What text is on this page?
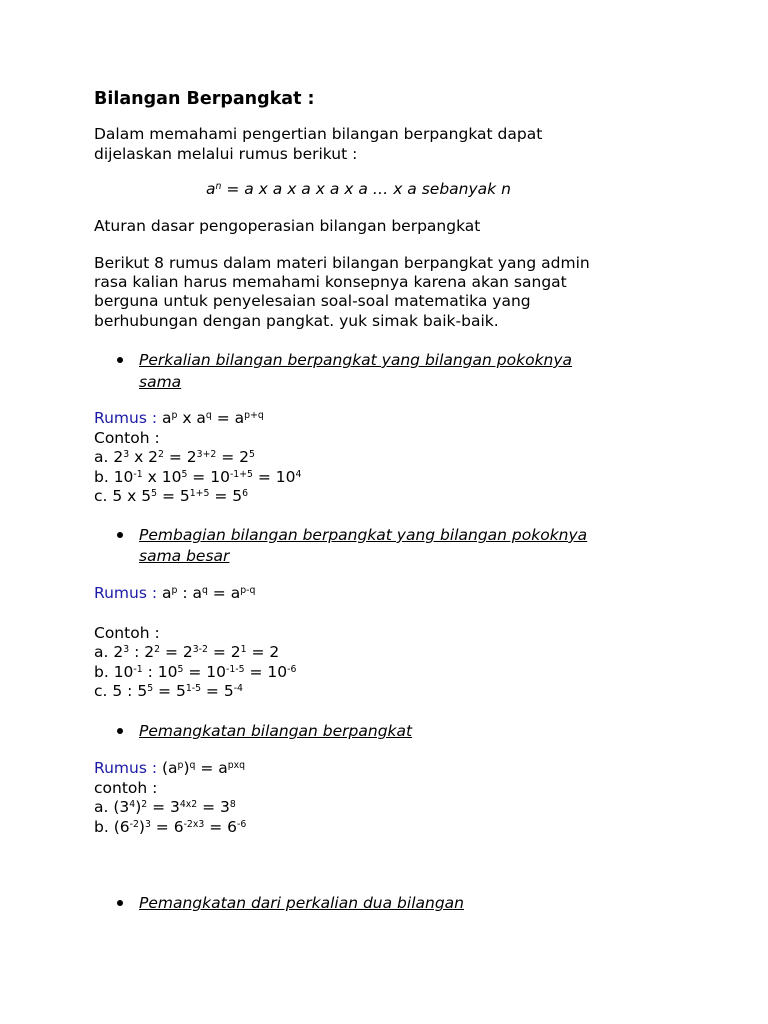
Bilangan Berpangkat :
Dalam memahami pengertian bilangan berpangkat dapat
dijelaskan melalui rumus berikut :
$a^n = a$ x a x a x a x a … x a sebanyak n
Aturan dasar pengoperasian bilangan berpangkat
Berikut 8 rumus dalam materi bilangan berpangkat yang admin
rasa kalian harus memahami konsepnya karena akan sangat
berguna untuk penyelesaian soal-soal matematika yang
berhubungan dengan pangkat. yuk simak baik-baik.
Perkalian bilangan berpangkat yang bilangan pokoknya
sama
Rumus : $a^p$ x $a^q = a^{p+q}$
Contoh :
a. $2^3$ x $2^2 = 2^{3+2} = 2^5$
b. $10^{-1}$ x $10^5 = 10^{-1+5} = 10^4$
c. 5 x $5^5 = 5^{1+5} = 5^6$
Pembagian bilangan berpangkat yang bilangan pokoknya
sama besar
Rumus : $a^p$ : $a^q = a^{p-q}$
Contoh :
a. $2^3$ : $2^2 = 2^{3-2} = 2^1 = 2$
b. $10^{-1}$ : $10^5 = 10^{-1-5} = 10^{-6}$
c. 5 : $5^5 = 5^{1-5} = 5^{-4}$
Pemangkatan bilangan berpangkat
Rumus : $(a^p)^q = a^{pxq}$
contoh :
a. $(3^4)^2 = 3^{4x2} = 3^8$
b. $(6^{-2})^3 = 6^{-2x3} = 6^{-6}$
Pemangkatan dari perkalian dua bilangan
